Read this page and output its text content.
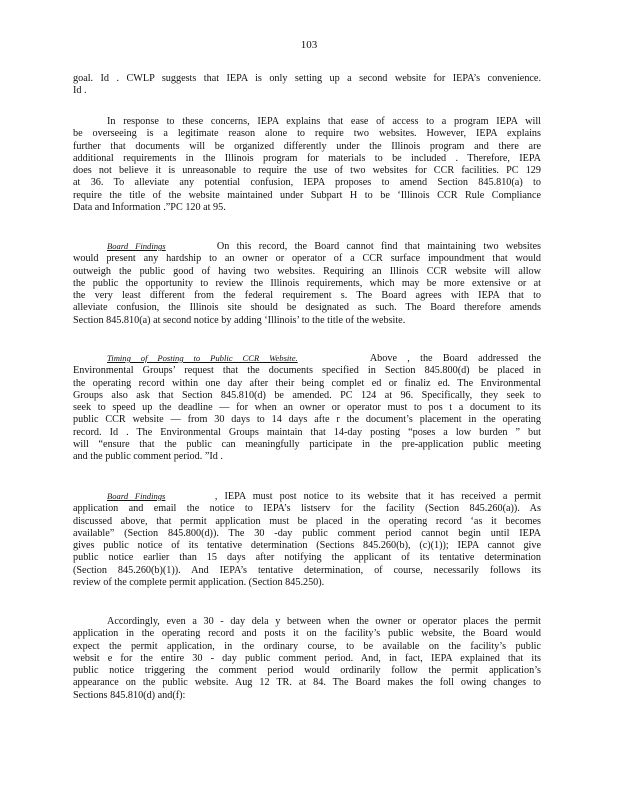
103
goal. Id . CWLP suggests that IEPA is only setting up a second website for IEPA’s convenience.
Id .
In response to these concerns, IEPA explains that ease of access to a program IEPA will
be overseeing is a legitimate reason alone to require two websites. However, IEPA explains
further that documents will be organized differently under the Illinois program and there are
additional requirements in the Illinois program for materials to be included . Therefore, IEPA
does not believe it is unreasonable to require the use of two websites for CCR facilities. PC 129
at 36. To alleviate any potential confusion, IEPA proposes to amend Section 845.810(a) to
require the title of the website maintained under Subpart H to be ‘Illinois CCR Rule Compliance
Data and Information .”PC 120 at 95.
Board Findings	On this record, the Board cannot find that maintaining two websites
would present any hardship to an owner or operator of a CCR surface impoundment that would
outweigh the public good of having two websites. Requiring an Illinois CCR website will allow
the public the opportunity to review the Illinois requirements, which may be more extensive or at
the very least different from the federal requirement s. The Board agrees with IEPA that to
alleviate confusion, the Illinois site should be designated as such. The Board therefore amends
Section 845.810(a) at second notice by adding ‘Illinois’ to the title of the website.
Timing of Posting to Public CCR Website.	Above , the Board addressed the
Environmental Groups’ request that the documents specified in Section 845.800(d) be placed in
the operating record within one day after their being complet ed or finaliz ed. The Environmental
Groups also ask that Section 845.810(d) be amended. PC 124 at 96. Specifically, they seek to
seek to speed up the deadline — for when an owner or operator must to pos t a document to its
public CCR website — from 30 days to 14 days afte r the document’s placement in the operating
record. Id . The Environmental Groups maintain that 14-day posting “poses a low burden ” but
will “ensure that the public can meaningfully participate in the pre-application public meeting
and the public comment period. ”Id .
Board Findings	, IEPA must post notice to its website that it has received a permit
application and email the notice to IEPA’s listserv for the facility (Section 845.260(a)). As
discussed above, that permit application must be placed in the operating record ‘as it becomes
available” (Section 845.800(d)). The 30 -day public comment period cannot begin until IEPA
gives public notice of its tentative determination (Sections 845.260(b), (c)(1)); IEPA cannot give
public notice earlier than 15 days after notifying the applicant of its tentative determination
(Section 845.260(b)(1)). And IEPA’s tentative determination, of course, necessarily follows its
review of the complete permit application. (Section 845.250).
Accordingly, even a 30 - day dela y between when the owner or operator places the permit
application in the operating record and posts it on the facility’s public website, the Board would
expect the permit application, in the ordinary course, to be available on the facility’s public
websit e for the entire 30 - day public comment period. And, in fact, IEPA explained that its
public notice triggering the comment period would ordinarily follow the permit application’s
appearance on the public website. Aug 12 TR. at 84. The Board makes the foll owing changes to
Sections 845.810(d) and(f):
